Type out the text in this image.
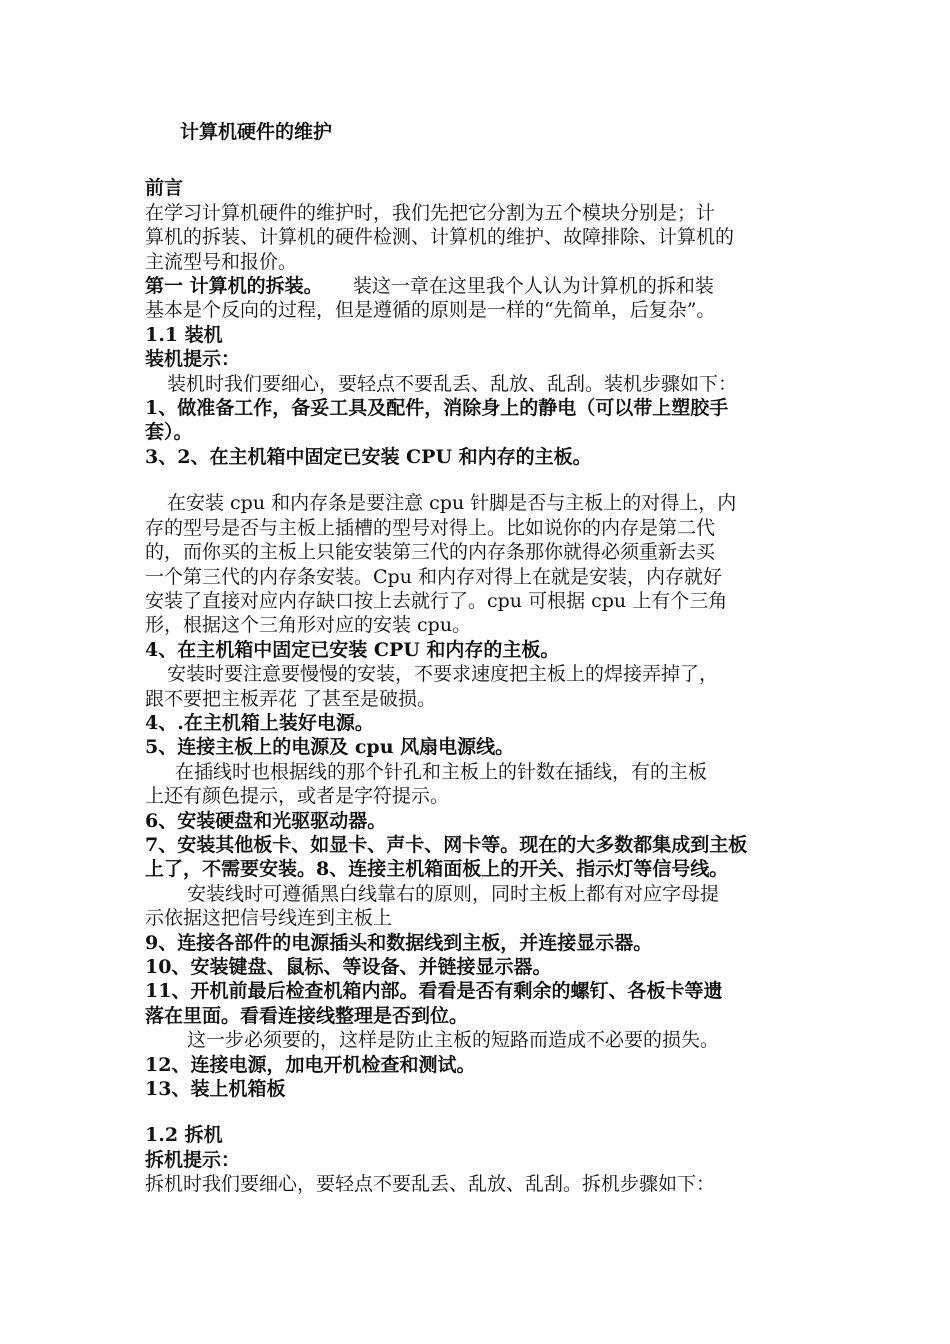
计算机硬件的维护
前言
在学习计算机硬件的维护时，我们先把它分割为五个模块分别是；计
算机的拆装、计算机的硬件检测、计算机的维护、故障排除、计算机的
主流型号和报价。
第一 计算机的拆装。     装这一章在这里我个人认为计算机的拆和装
基本是个反向的过程，但是遵循的原则是一样的“先简单，后复杂”。
1.1 装机
装机提示：
装机时我们要细心，要轻点不要乱丢、乱放、乱刮。装机步骤如下：
1、做准备工作，备妥工具及配件，消除身上的静电（可以带上塑胶手
套）。
3、2、在主机箱中固定已安装 CPU 和内存的主板。
在安装 cpu 和内存条是要注意 cpu 针脚是否与主板上的对得上，内
存的型号是否与主板上插槽的型号对得上。比如说你的内存是第二代
的，而你买的主板上只能安装第三代的内存条那你就得必须重新去买
一个第三代的内存条安装。Cpu 和内存对得上在就是安装，内存就好
安装了直接对应内存缺口按上去就行了。cpu 可根据 cpu 上有个三角
形，根据这个三角形对应的安装 cpu。
4、在主机箱中固定已安装 CPU 和内存的主板。
安装时要注意要慢慢的安装，不要求速度把主板上的焊接弄掉了，
跟不要把主板弄花 了甚至是破损。
4、.在主机箱上装好电源。
5、连接主板上的电源及 cpu 风扇电源线。
在插线时也根据线的那个针孔和主板上的针数在插线，有的主板
上还有颜色提示，或者是字符提示。
6、安装硬盘和光驱驱动器。
7、安装其他板卡、如显卡、声卡、网卡等。现在的大多数都集成到主板
上了，不需要安装。8、连接主机箱面板上的开关、指示灯等信号线。
安装线时可遵循黑白线靠右的原则，同时主板上都有对应字母提
示依据这把信号线连到主板上
9、连接各部件的电源插头和数据线到主板，并连接显示器。
10、安装键盘、鼠标、等设备、并链接显示器。
11、开机前最后检查机箱内部。看看是否有剩余的螺钉、各板卡等遗
落在里面。看看连接线整理是否到位。
这一步必须要的，这样是防止主板的短路而造成不必要的损失。
12、连接电源，加电开机检查和测试。
13、装上机箱板
1.2 拆机
拆机提示：
拆机时我们要细心，要轻点不要乱丢、乱放、乱刮。拆机步骤如下：
